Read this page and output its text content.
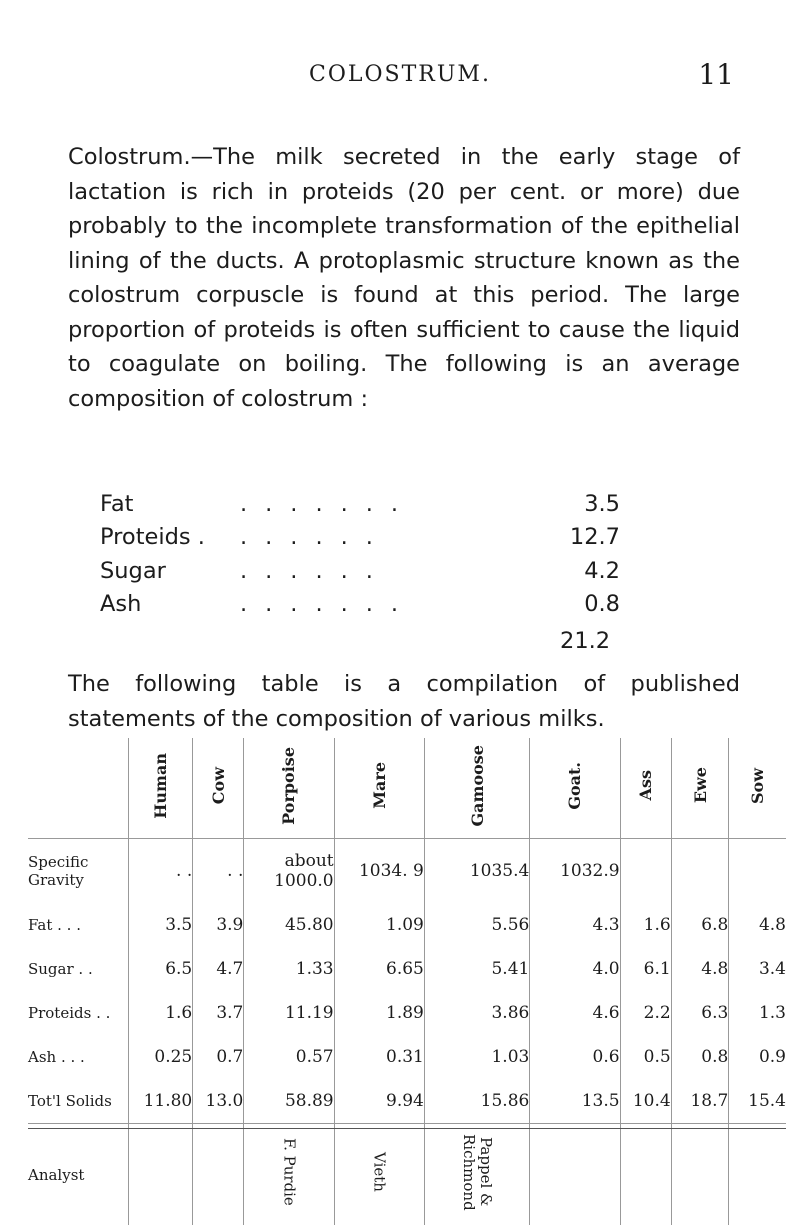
COLOSTRUM.	11
Colostrum.—The milk secreted in the early stage of lactation is rich in proteids (20 per cent. or more) due probably to the incomplete transformation of the epithelial lining of the ducts. A protoplasmic structure known as the colostrum corpuscle is found at this period. The large proportion of proteids is often sufficient to cause the liquid to coagulate on boiling. The following is an average composition of colostrum :
Fat	.......	3.5
Proteids .	......	12.7
Sugar	......	4.2
Ash	.......	0.8
21.2
The following table is a compilation of published statements of the composition of various milks.
	Human	Cow	Porpoise	Mare	Gamoose	Goat.	Ass	Ewe	Sow
Specific Gravity	. .	. .	about 1000.0	1034. 9	1035.4	1032.9			
Fat . . .	3.5	3.9	45.80	1.09	5.56	4.3	1.6	6.8	4.8
Sugar . .	6.5	4.7	1.33	6.65	5.41	4.0	6.1	4.8	3.4
Proteids . .	1.6	3.7	11.19	1.89	3.86	4.6	2.2	6.3	1.3
Ash . . .	0.25	0.7	0.57	0.31	1.03	0.6	0.5	0.8	0.9
Tot'l Solids	11.80	13.0	58.89	9.94	15.86	13.5	10.4	18.7	15.4
Analyst			F. Purdie	Vieth	Pappel & Richmond				
